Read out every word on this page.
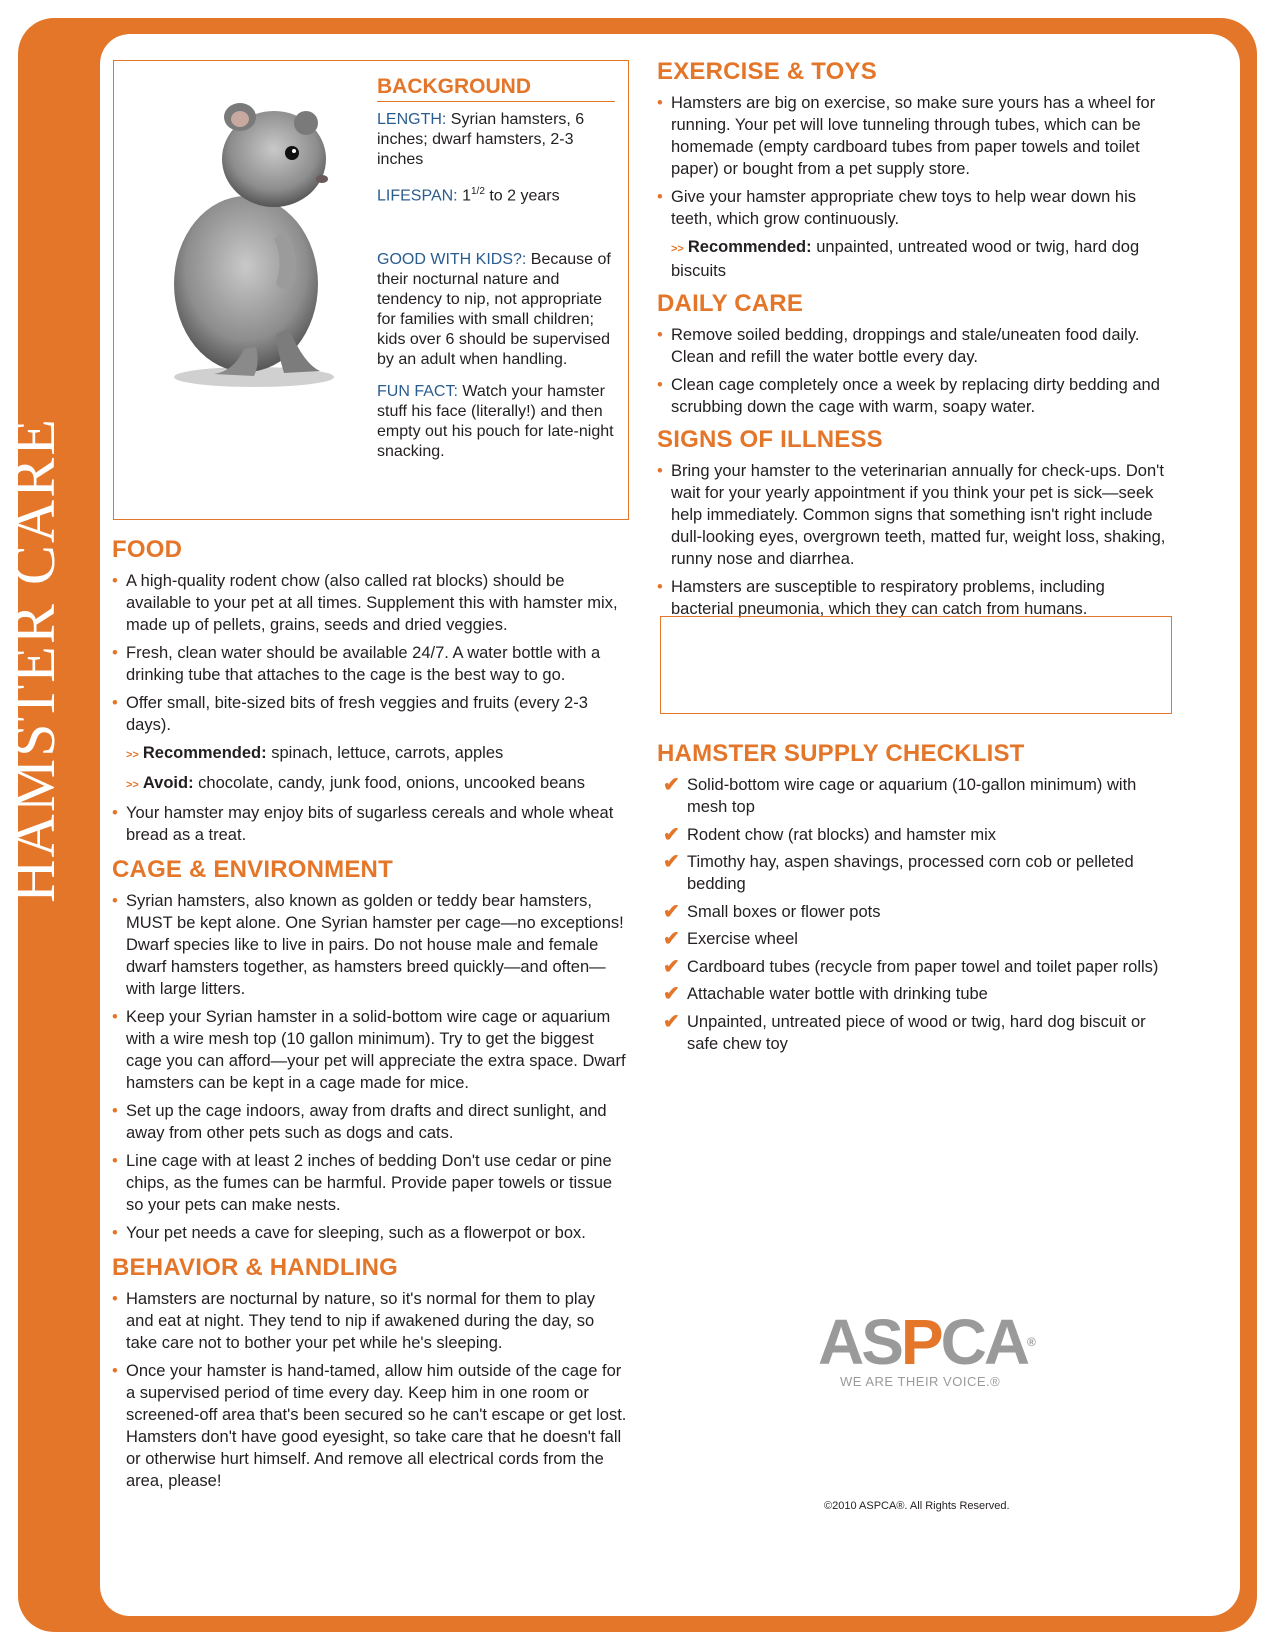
HAMSTER CARE
BACKGROUND

LENGTH: Syrian hamsters, 6 inches; dwarf hamsters, 2-3 inches

LIFESPAN: $1^{1/2}$ to 2 years

GOOD WITH KIDS?: Because of their nocturnal nature and tendency to nip, not appropriate for families with small children; kids over 6 should be supervised by an adult when handling.

FUN FACT: Watch your hamster stuff his face (literally!) and then empty out his pouch for late-night snacking.

FOOD
• A high-quality rodent chow (also called rat blocks) should be available to your pet at all times. Supplement this with hamster mix, made up of pellets, grains, seeds and dried veggies.
• Fresh, clean water should be available 24/7. A water bottle with a drinking tube that attaches to the cage is the best way to go.
• Offer small, bite-sized bits of fresh veggies and fruits (every 2-3 days).
>> Recommended: spinach, lettuce, carrots, apples
>> Avoid: chocolate, candy, junk food, onions, uncooked beans
• Your hamster may enjoy bits of sugarless cereals and whole wheat bread as a treat.
CAGE & ENVIRONMENT
• Syrian hamsters, also known as golden or teddy bear hamsters, MUST be kept alone. One Syrian hamster per cage—no exceptions! Dwarf species like to live in pairs. Do not house male and female dwarf hamsters together, as hamsters breed quickly—and often—with large litters.
• Keep your Syrian hamster in a solid-bottom wire cage or aquarium with a wire mesh top (10 gallon minimum). Try to get the biggest cage you can afford—your pet will appreciate the extra space. Dwarf hamsters can be kept in a cage made for mice.
• Set up the cage indoors, away from drafts and direct sunlight, and away from other pets such as dogs and cats.
• Line cage with at least 2 inches of bedding Don't use cedar or pine chips, as the fumes can be harmful. Provide paper towels or tissue so your pets can make nests.
• Your pet needs a cave for sleeping, such as a flowerpot or box.
BEHAVIOR & HANDLING
• Hamsters are nocturnal by nature, so it's normal for them to play and eat at night. They tend to nip if awakened during the day, so take care not to bother your pet while he's sleeping.
• Once your hamster is hand-tamed, allow him outside of the cage for a supervised period of time every day. Keep him in one room or screened-off area that's been secured so he can't escape or get lost. Hamsters don't have good eyesight, so take care that he doesn't fall or otherwise hurt himself. And remove all electrical cords from the area, please!
EXERCISE & TOYS
• Hamsters are big on exercise, so make sure yours has a wheel for running. Your pet will love tunneling through tubes, which can be homemade (empty cardboard tubes from paper towels and toilet paper) or bought from a pet supply store.
• Give your hamster appropriate chew toys to help wear down his teeth, which grow continuously.
>> Recommended: unpainted, untreated wood or twig, hard dog biscuits
DAILY CARE
• Remove soiled bedding, droppings and stale/uneaten food daily. Clean and refill the water bottle every day.
• Clean cage completely once a week by replacing dirty bedding and scrubbing down the cage with warm, soapy water.
SIGNS OF ILLNESS
• Bring your hamster to the veterinarian annually for check-ups. Don't wait for your yearly appointment if you think your pet is sick—seek help immediately. Common signs that something isn't right include dull-looking eyes, overgrown teeth, matted fur, weight loss, shaking, runny nose and diarrhea.
• Hamsters are susceptible to respiratory problems, including bacterial pneumonia, which they can catch from humans.
HAMSTER SUPPLY CHECKLIST
✔ Solid-bottom wire cage or aquarium (10-gallon minimum) with mesh top
✔ Rodent chow (rat blocks) and hamster mix
✔ Timothy hay, aspen shavings, processed corn cob or pelleted bedding
✔ Small boxes or flower pots
✔ Exercise wheel
✔ Cardboard tubes (recycle from paper towel and toilet paper rolls)
✔ Attachable water bottle with drinking tube
✔ Unpainted, untreated piece of wood or twig, hard dog biscuit or safe chew toy
ASPCA®
WE ARE THEIR VOICE.®
©2010 ASPCA®. All Rights Reserved.
